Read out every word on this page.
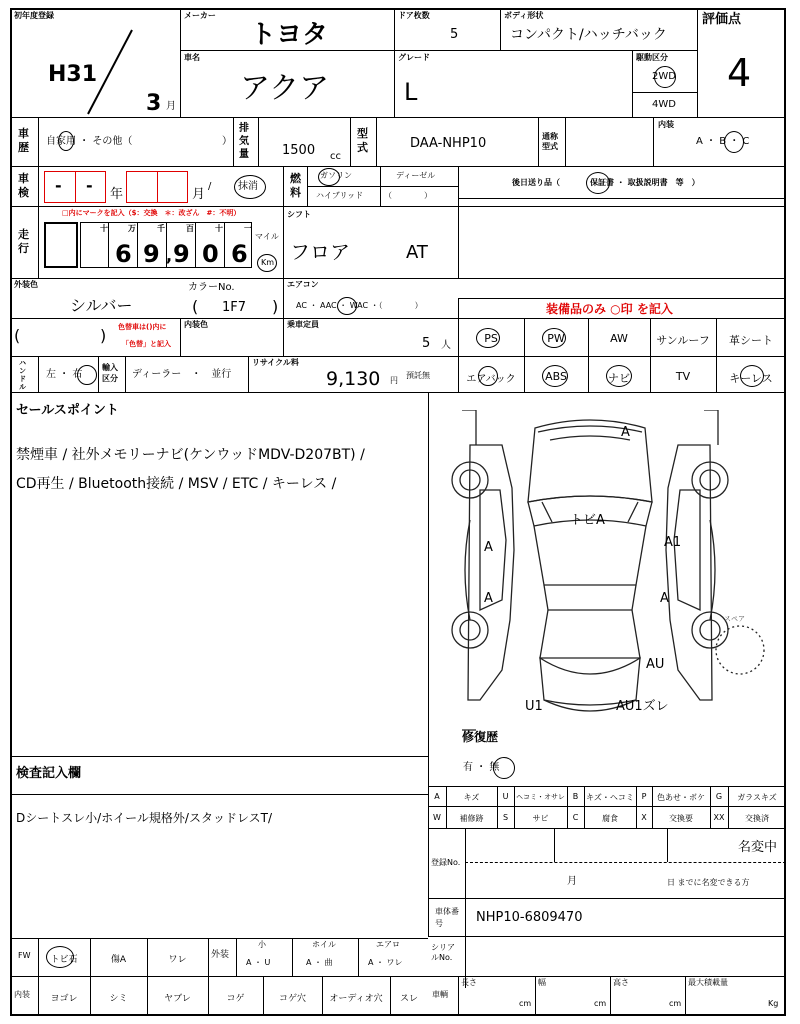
初年度登録
H31
3 月
メーカー
トヨタ
ドア枚数
5
ボディ形状
コンパクト/ハッチバック
評価点
4
車名
アクア
グレード
L
駆動区分
2WD
4WD
車歴 自家用 ・ その他（	）
排気量	1500 cc
型式	DAA-NHP10	通称型式
内装
A ・ B ・ C
車検 - - 年	月
/	抹消
燃料
ガソリン	ディーゼル
ハイブリッド	（　　　　）
後日送り品（	保証書 ・ 取扱説明書　等　）
走行
□内にマークを記入（$：交換　＊：改ざん　#：不明）
十	万	千	百	十	一
6 9 , 9 0 6
マイル
Km
シフト
フロア	AT
外装色
シルバー
カラーNo.
( 1F7 )
エアコン
AC ・ AAC ・ WAC ・（　　　　）	装備品のみ ○印 を記入
(	) 色替車は()内に
「色替」と記入
内装色	乗車定員
5 人
PS	PW	AW	サンルーフ	革シート
エアバック	ABS	ナビ	TV	キーレス
ハンドル
左 ・ 右
輸入区分	ディーラー　・　並行
リサイクル料
9,130 円
預託無
セールスポイント
禁煙車 / 社外メモリーナビ(ケンウッドMDV-D207BT) /
CD再生 / Bluetooth接続 / MSV / ETC / キーレス /
検査記入欄
Dシートスレ小/ホイール規格外/スタッドレスT/
A
トビA
A	A1
A	A
AU
U1	AU1ズレ
スペア
修復歴
有 ・ 無
A	キズ	U	ヘコミ・オサレ B キズ・ヘコミ P	色あせ・ボケ	G	ガラスキズ
W	補修跡	S	サビ	C	腐食	X	交換要	XX	交換済
登録No.
名変中
月	日 までに名変できる方
車体番号	NHP10-6809470
FW	トビ石	傷A	ワレ	外装
小
A ・ U
ホイル
A ・ 曲
エアロ
A ・ ワレ
内装	ヨゴレ	シミ	ヤブレ	コゲ	コゲ穴	オーディオ穴	スレ
シリアルNo.
車輌
長さ
cm
幅
cm
高さ
cm
最大積載量
Kg
